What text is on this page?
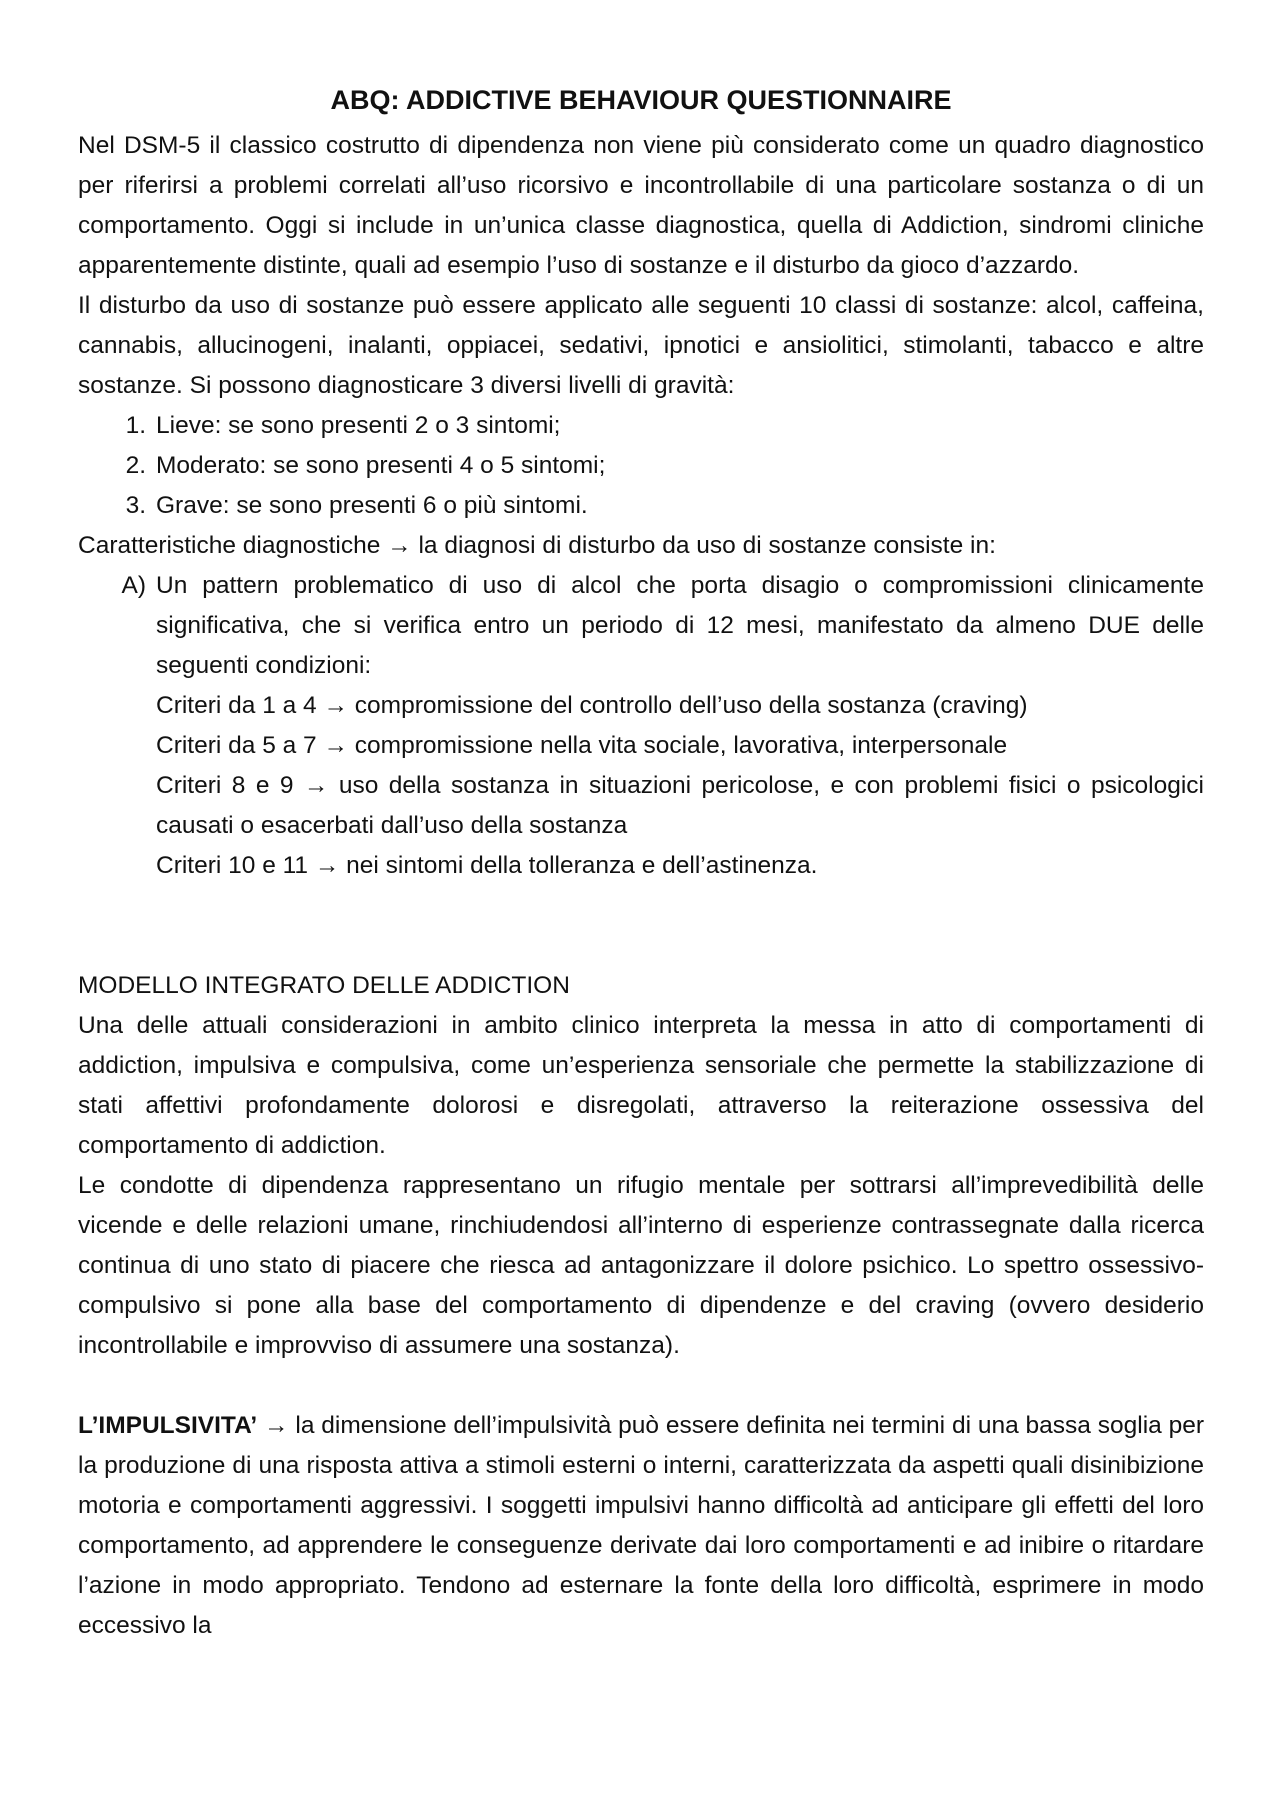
ABQ: ADDICTIVE BEHAVIOUR QUESTIONNAIRE

Nel DSM-5 il classico costrutto di dipendenza non viene più considerato come un quadro diagnostico per riferirsi a problemi correlati all’uso ricorsivo e incontrollabile di una particolare sostanza o di un comportamento. Oggi si include in un’unica classe diagnostica, quella di Addiction, sindromi cliniche apparentemente distinte, quali ad esempio l’uso di sostanze e il disturbo da gioco d’azzardo.

Il disturbo da uso di sostanze può essere applicato alle seguenti 10 classi di sostanze: alcol, caffeina, cannabis, allucinogeni, inalanti, oppiacei, sedativi, ipnotici e ansiolitici, stimolanti, tabacco e altre sostanze. Si possono diagnosticare 3 diversi livelli di gravità:

1. Lieve: se sono presenti 2 o 3 sintomi;
2. Moderato: se sono presenti 4 o 5 sintomi;
3. Grave: se sono presenti 6 o più sintomi.

Caratteristiche diagnostiche → la diagnosi di disturbo da uso di sostanze consiste in:

A) Un pattern problematico di uso di alcol che porta disagio o compromissioni clinicamente significativa, che si verifica entro un periodo di 12 mesi, manifestato da almeno DUE delle seguenti condizioni:

Criteri da 1 a 4 → compromissione del controllo dell’uso della sostanza (craving)

Criteri da 5 a 7 → compromissione nella vita sociale, lavorativa, interpersonale

Criteri 8 e 9 → uso della sostanza in situazioni pericolose, e con problemi fisici o psicologici causati o esacerbati dall’uso della sostanza

Criteri 10 e 11 → nei sintomi della tolleranza e dell’astinenza.

MODELLO INTEGRATO DELLE ADDICTION

Una delle attuali considerazioni in ambito clinico interpreta la messa in atto di comportamenti di addiction, impulsiva e compulsiva, come un’esperienza sensoriale che permette la stabilizzazione di stati affettivi profondamente dolorosi e disregolati, attraverso la reiterazione ossessiva del comportamento di addiction.

Le condotte di dipendenza rappresentano un rifugio mentale per sottrarsi all’imprevedibilità delle vicende e delle relazioni umane, rinchiudendosi all’interno di esperienze contrassegnate dalla ricerca continua di uno stato di piacere che riesca ad antagonizzare il dolore psichico. Lo spettro ossessivo-compulsivo si pone alla base del comportamento di dipendenze e del craving (ovvero desiderio incontrollabile e improvviso di assumere una sostanza).

L’IMPULSIVITA’ → la dimensione dell’impulsività può essere definita nei termini di una bassa soglia per la produzione di una risposta attiva a stimoli esterni o interni, caratterizzata da aspetti quali disinibizione motoria e comportamenti aggressivi. I soggetti impulsivi hanno difficoltà ad anticipare gli effetti del loro comportamento, ad apprendere le conseguenze derivate dai loro comportamenti e ad inibire o ritardare l’azione in modo appropriato. Tendono ad esternare la fonte della loro difficoltà, esprimere in modo eccessivo la
